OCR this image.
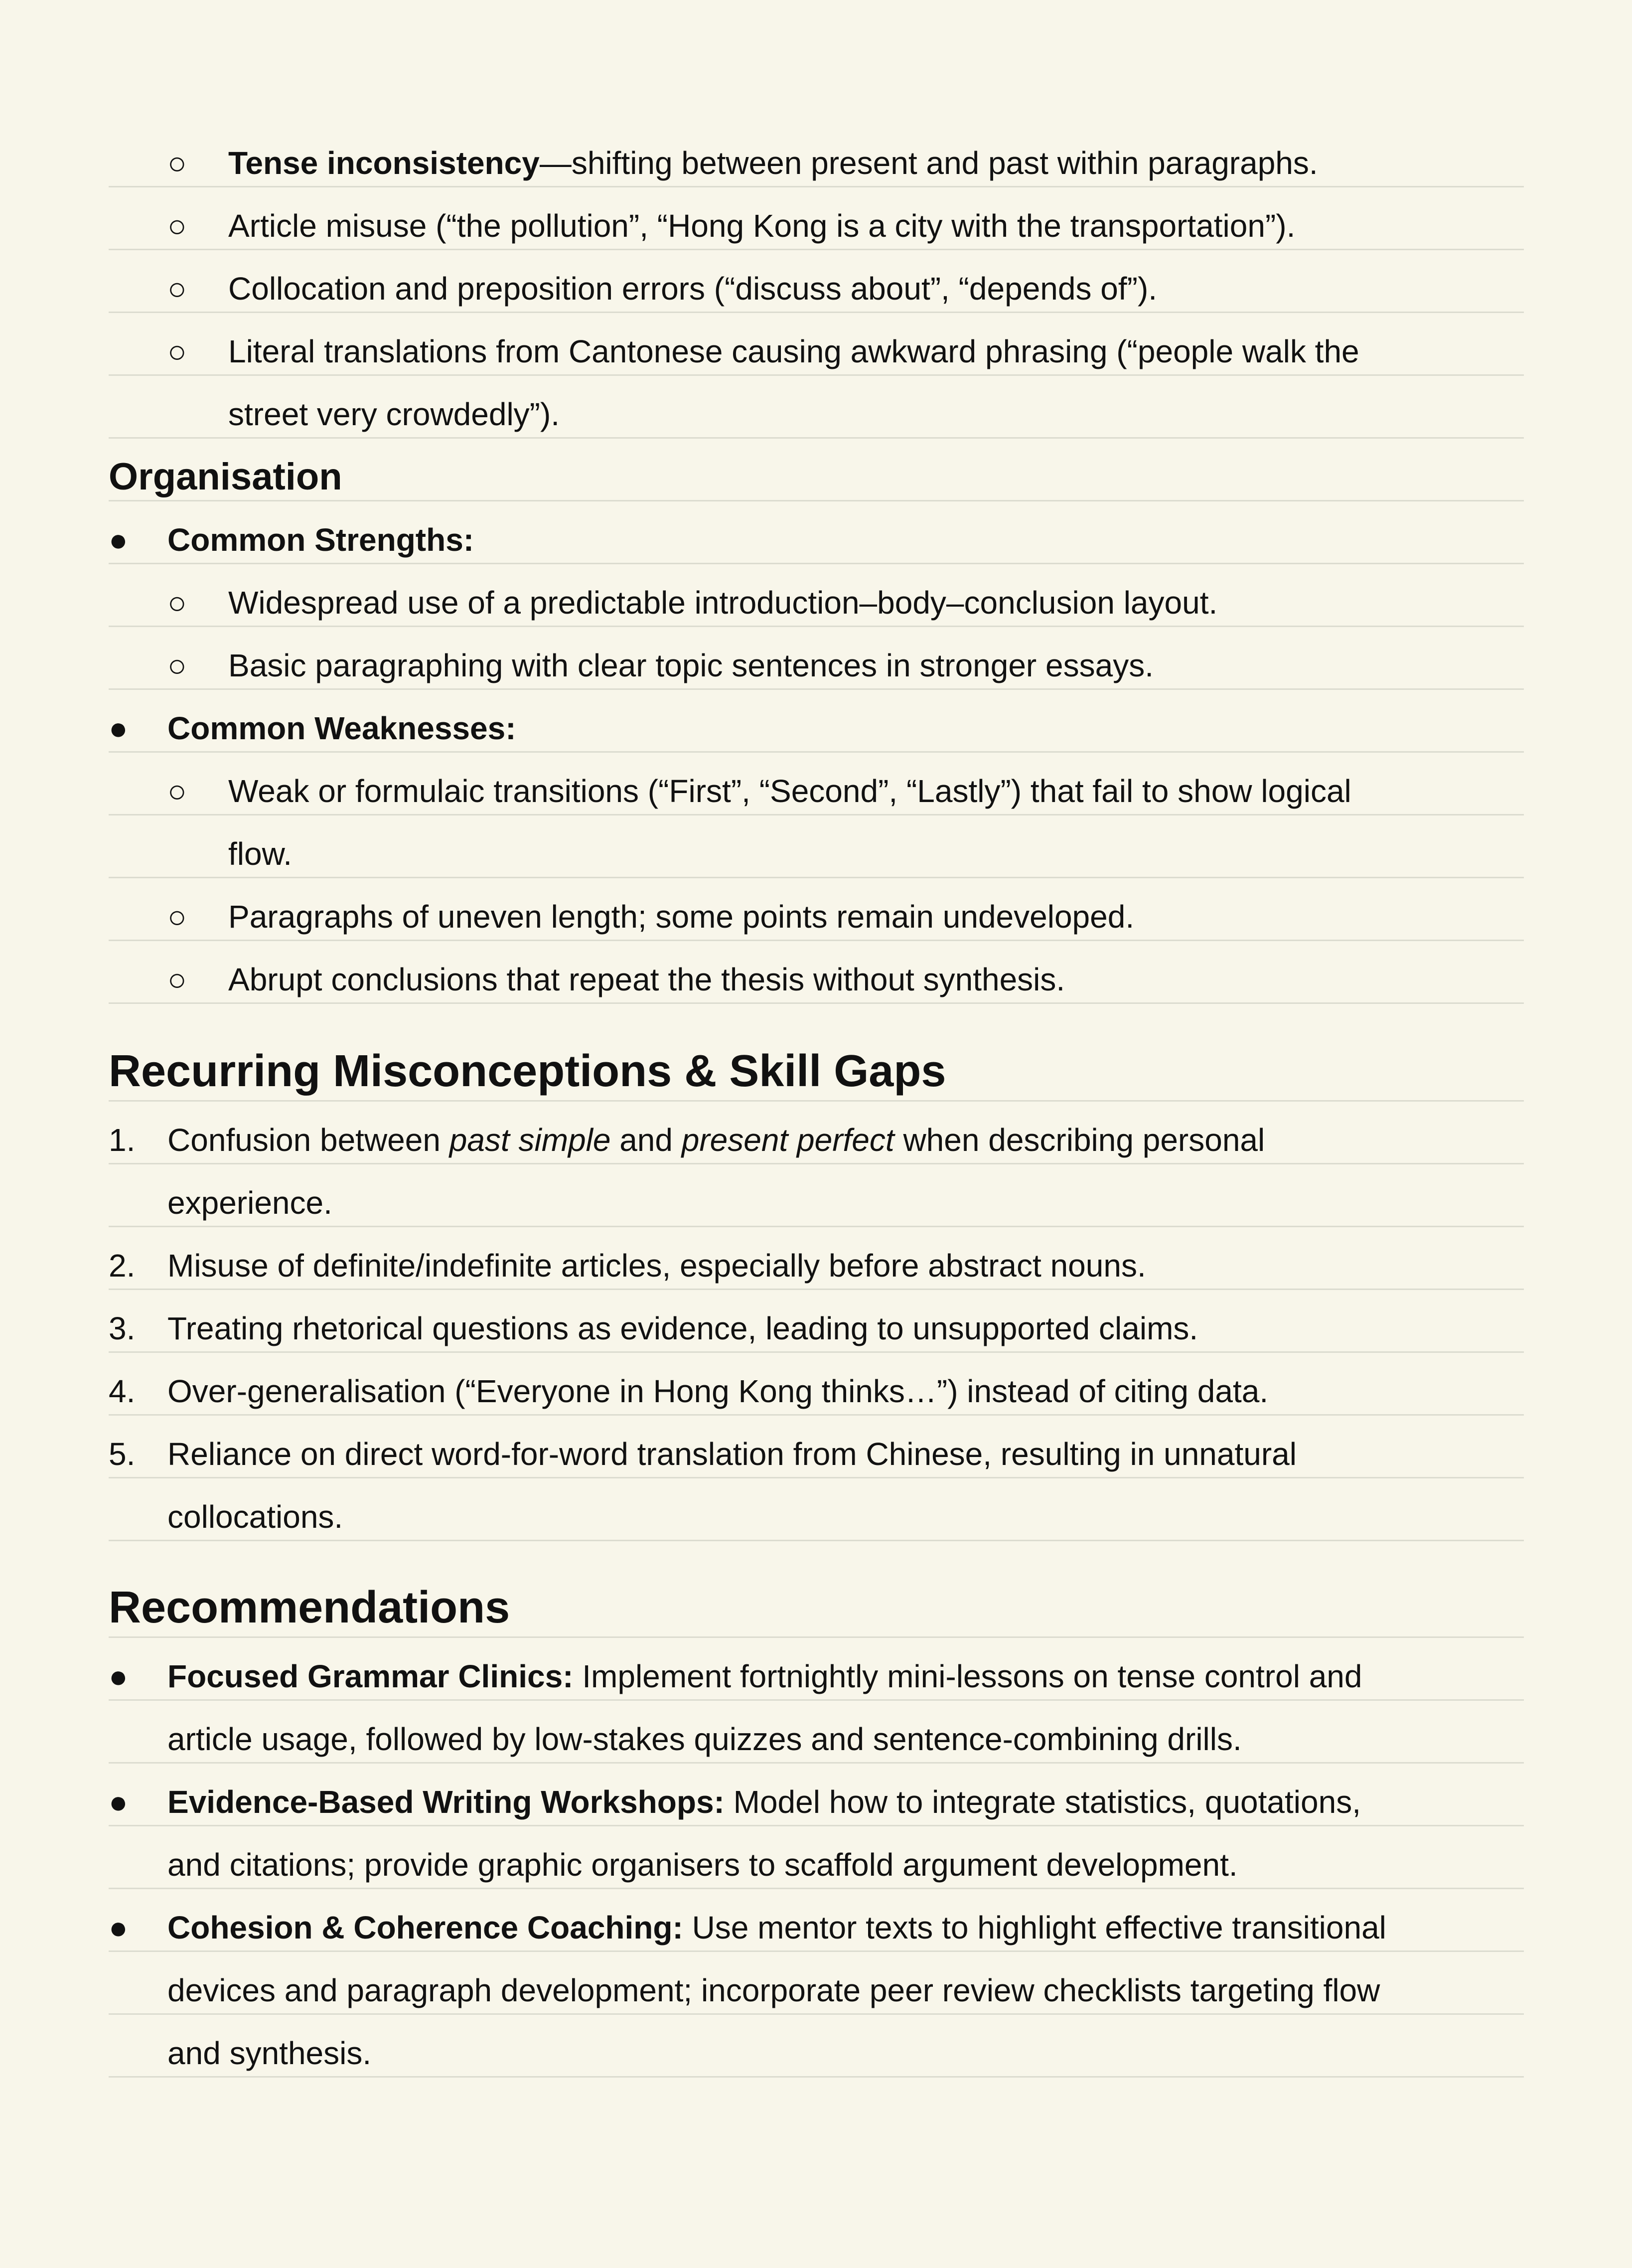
○ Tense inconsistency—shifting between present and past within paragraphs.
○ Article misuse (“the pollution”, “Hong Kong is a city with the transportation”).
○ Collocation and preposition errors (“discuss about”, “depends of”).
○ Literal translations from Cantonese causing awkward phrasing (“people walk the
street very crowdedly”).
Organisation
● Common Strengths:
○ Widespread use of a predictable introduction–body–conclusion layout.
○ Basic paragraphing with clear topic sentences in stronger essays.
● Common Weaknesses:
○ Weak or formulaic transitions (“First”, “Second”, “Lastly”) that fail to show logical
flow.
○ Paragraphs of uneven length; some points remain undeveloped.
○ Abrupt conclusions that repeat the thesis without synthesis.
Recurring Misconceptions & Skill Gaps
1. Confusion between past simple and present perfect when describing personal
experience.
2. Misuse of definite/indefinite articles, especially before abstract nouns.
3. Treating rhetorical questions as evidence, leading to unsupported claims.
4. Over-generalisation (“Everyone in Hong Kong thinks…”) instead of citing data.
5. Reliance on direct word-for-word translation from Chinese, resulting in unnatural
collocations.
Recommendations
● Focused Grammar Clinics: Implement fortnightly mini-lessons on tense control and
article usage, followed by low-stakes quizzes and sentence-combining drills.
● Evidence-Based Writing Workshops: Model how to integrate statistics, quotations,
and citations; provide graphic organisers to scaffold argument development.
● Cohesion & Coherence Coaching: Use mentor texts to highlight effective transitional
devices and paragraph development; incorporate peer review checklists targeting flow
and synthesis.
